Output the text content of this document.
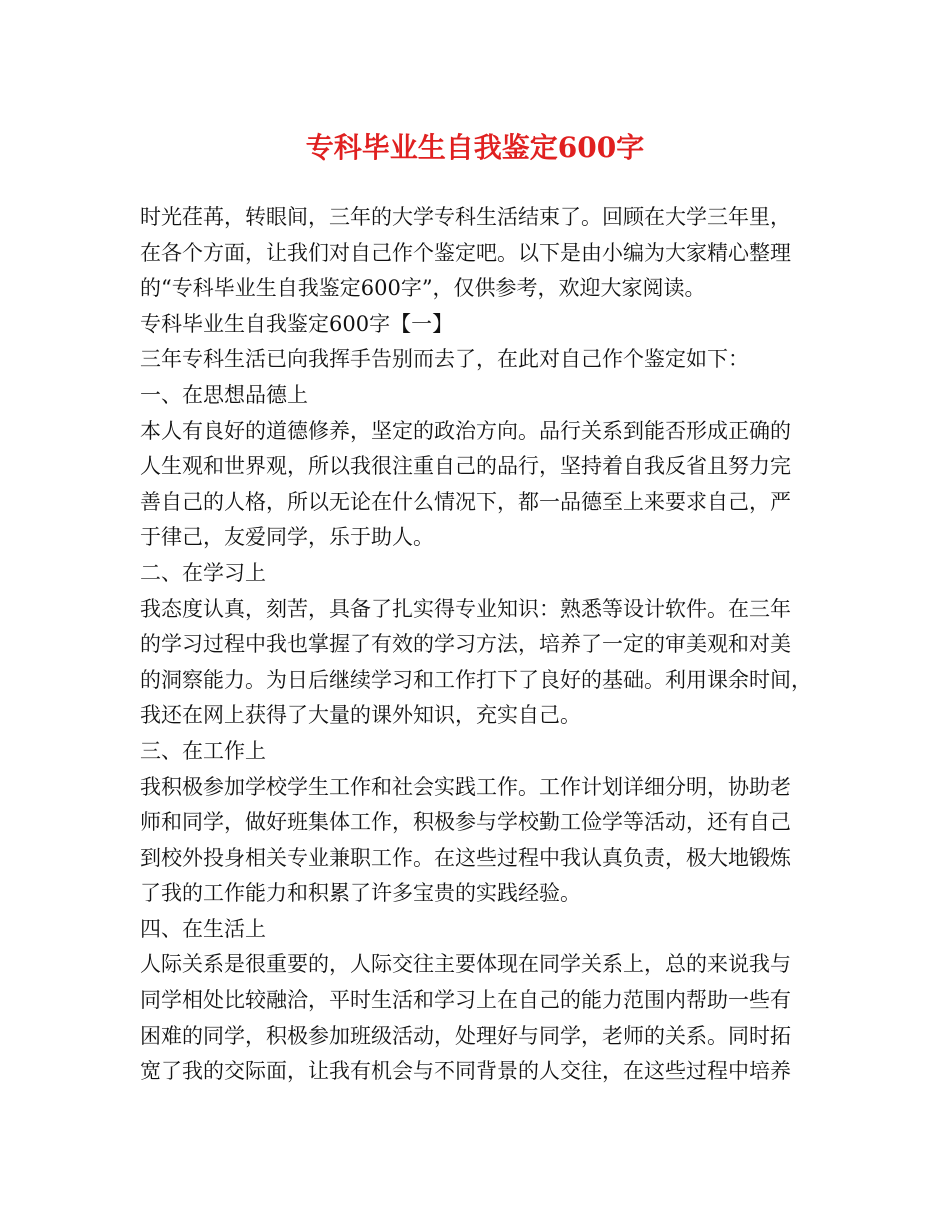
专科毕业生自我鉴定600字
时光荏苒，转眼间，三年的大学专科生活结束了。回顾在大学三年里，
在各个方面，让我们对自己作个鉴定吧。以下是由小编为大家精心整理
的“专科毕业生自我鉴定600字”，仅供参考，欢迎大家阅读。
专科毕业生自我鉴定600字【一】
三年专科生活已向我挥手告别而去了，在此对自己作个鉴定如下：
一、在思想品德上
本人有良好的道德修养，坚定的政治方向。品行关系到能否形成正确的
人生观和世界观，所以我很注重自己的品行，坚持着自我反省且努力完
善自己的人格，所以无论在什么情况下，都一品德至上来要求自己，严
于律己，友爱同学，乐于助人。
二、在学习上
我态度认真，刻苦，具备了扎实得专业知识：熟悉等设计软件。在三年
的学习过程中我也掌握了有效的学习方法，培养了一定的审美观和对美
的洞察能力。为日后继续学习和工作打下了良好的基础。利用课余时间，
我还在网上获得了大量的课外知识，充实自己。
三、在工作上
我积极参加学校学生工作和社会实践工作。工作计划详细分明，协助老
师和同学，做好班集体工作，积极参与学校勤工俭学等活动，还有自己
到校外投身相关专业兼职工作。在这些过程中我认真负责，极大地锻炼
了我的工作能力和积累了许多宝贵的实践经验。
四、在生活上
人际关系是很重要的，人际交往主要体现在同学关系上，总的来说我与
同学相处比较融洽，平时生活和学习上在自己的能力范围内帮助一些有
困难的同学，积极参加班级活动，处理好与同学，老师的关系。同时拓
宽了我的交际面，让我有机会与不同背景的人交往，在这些过程中培养
